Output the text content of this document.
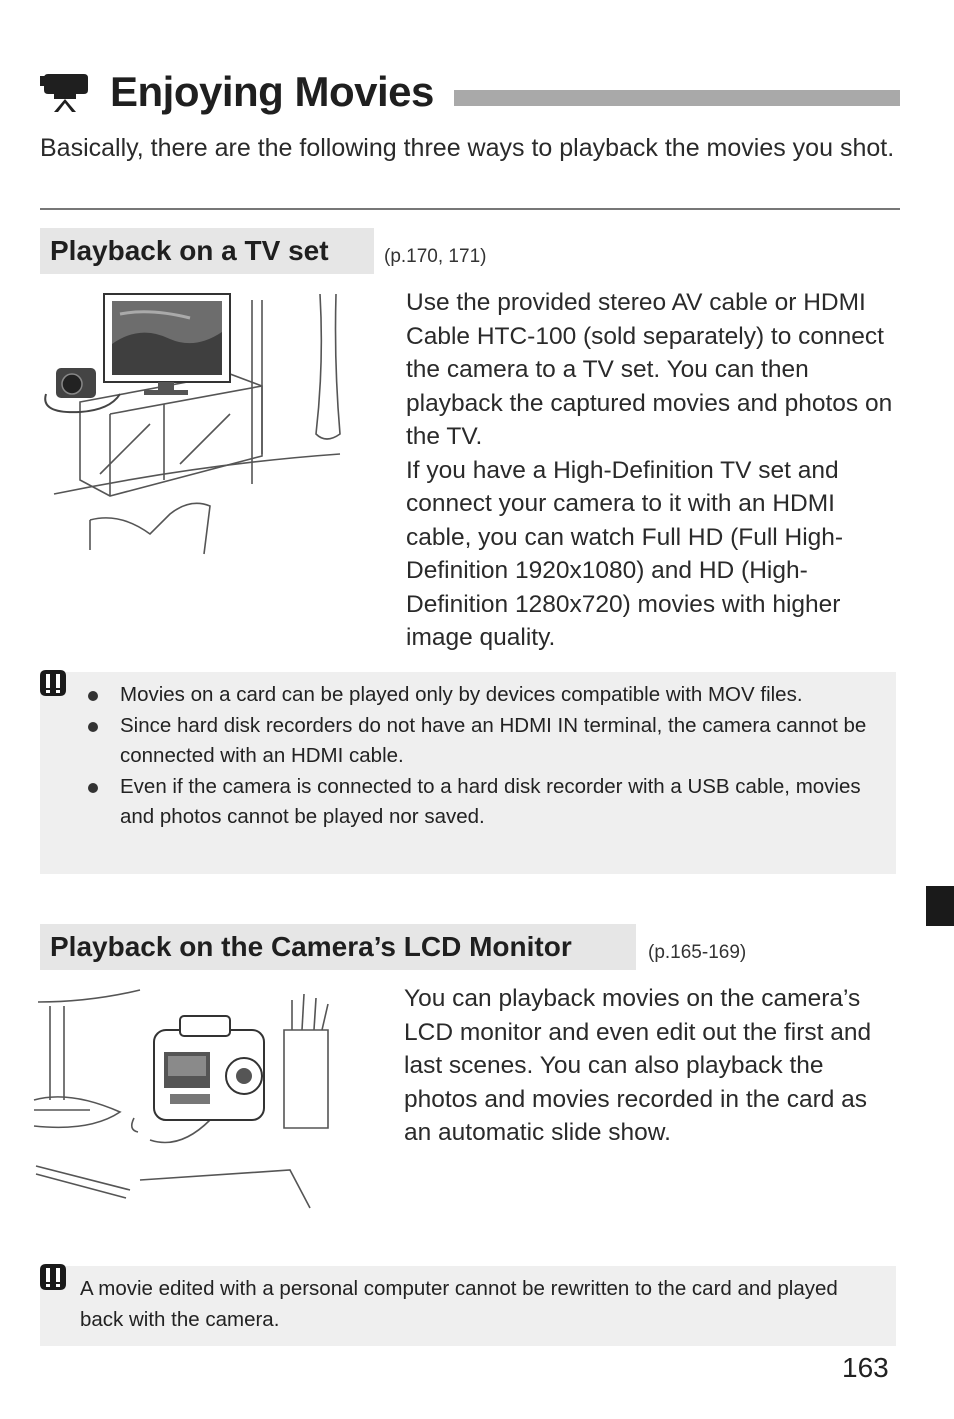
Enjoying Movies
Basically, there are the following three ways to playback the movies you shot.
Playback on a TV set	(p.170, 171)
Use the provided stereo AV cable or HDMI Cable HTC-100 (sold separately) to connect the camera to a TV set. You can then playback the captured movies and photos on the TV.
If you have a High-Definition TV set and connect your camera to it with an HDMI cable, you can watch Full HD (Full High-Definition 1920x1080) and HD (High-Definition 1280x720) movies with higher image quality.
Movies on a card can be played only by devices compatible with MOV files.
Since hard disk recorders do not have an HDMI IN terminal, the camera cannot be connected with an HDMI cable.
Even if the camera is connected to a hard disk recorder with a USB cable, movies and photos cannot be played nor saved.
Playback on the Camera’s LCD Monitor	(p.165-169)
You can playback movies on the camera’s LCD monitor and even edit out the first and last scenes. You can also playback the photos and movies recorded in the card as an automatic slide show.
A movie edited with a personal computer cannot be rewritten to the card and played back with the camera.
163
